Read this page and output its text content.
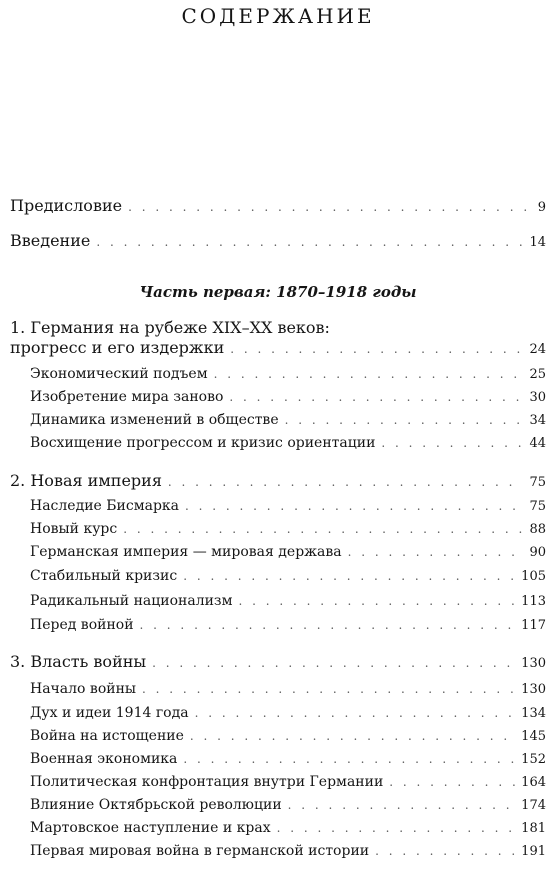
СОДЕРЖАНИЕ
Предисловие . . .	9
Введение . . .	14
Часть первая: 1870–1918 годы
1. Германия на рубеже XIX–XX веков:
прогресс и его издержки . . .	24
Экономический подъем . . .	25
Изобретение мира заново . . .	30
Динамика изменений в обществе . . .	34
Восхищение прогрессом и кризис ориентации . . .	44
2. Новая империя . . .	75
Наследие Бисмарка . . .	75
Новый курс . . .	88
Германская империя — мировая держава . . .	90
Стабильный кризис . . .	105
Радикальный национализм . . .	113
Перед войной . . .	117
3. Власть войны . . .	130
Начало войны . . .	130
Дух и идеи 1914 года . . .	134
Война на истощение . . .	145
Военная экономика . . .	152
Политическая конфронтация внутри Германии . . .	164
Влияние Октябрьской революции . . .	174
Мартовское наступление и крах . . .	181
Первая мировая война в германской истории . . .	191
